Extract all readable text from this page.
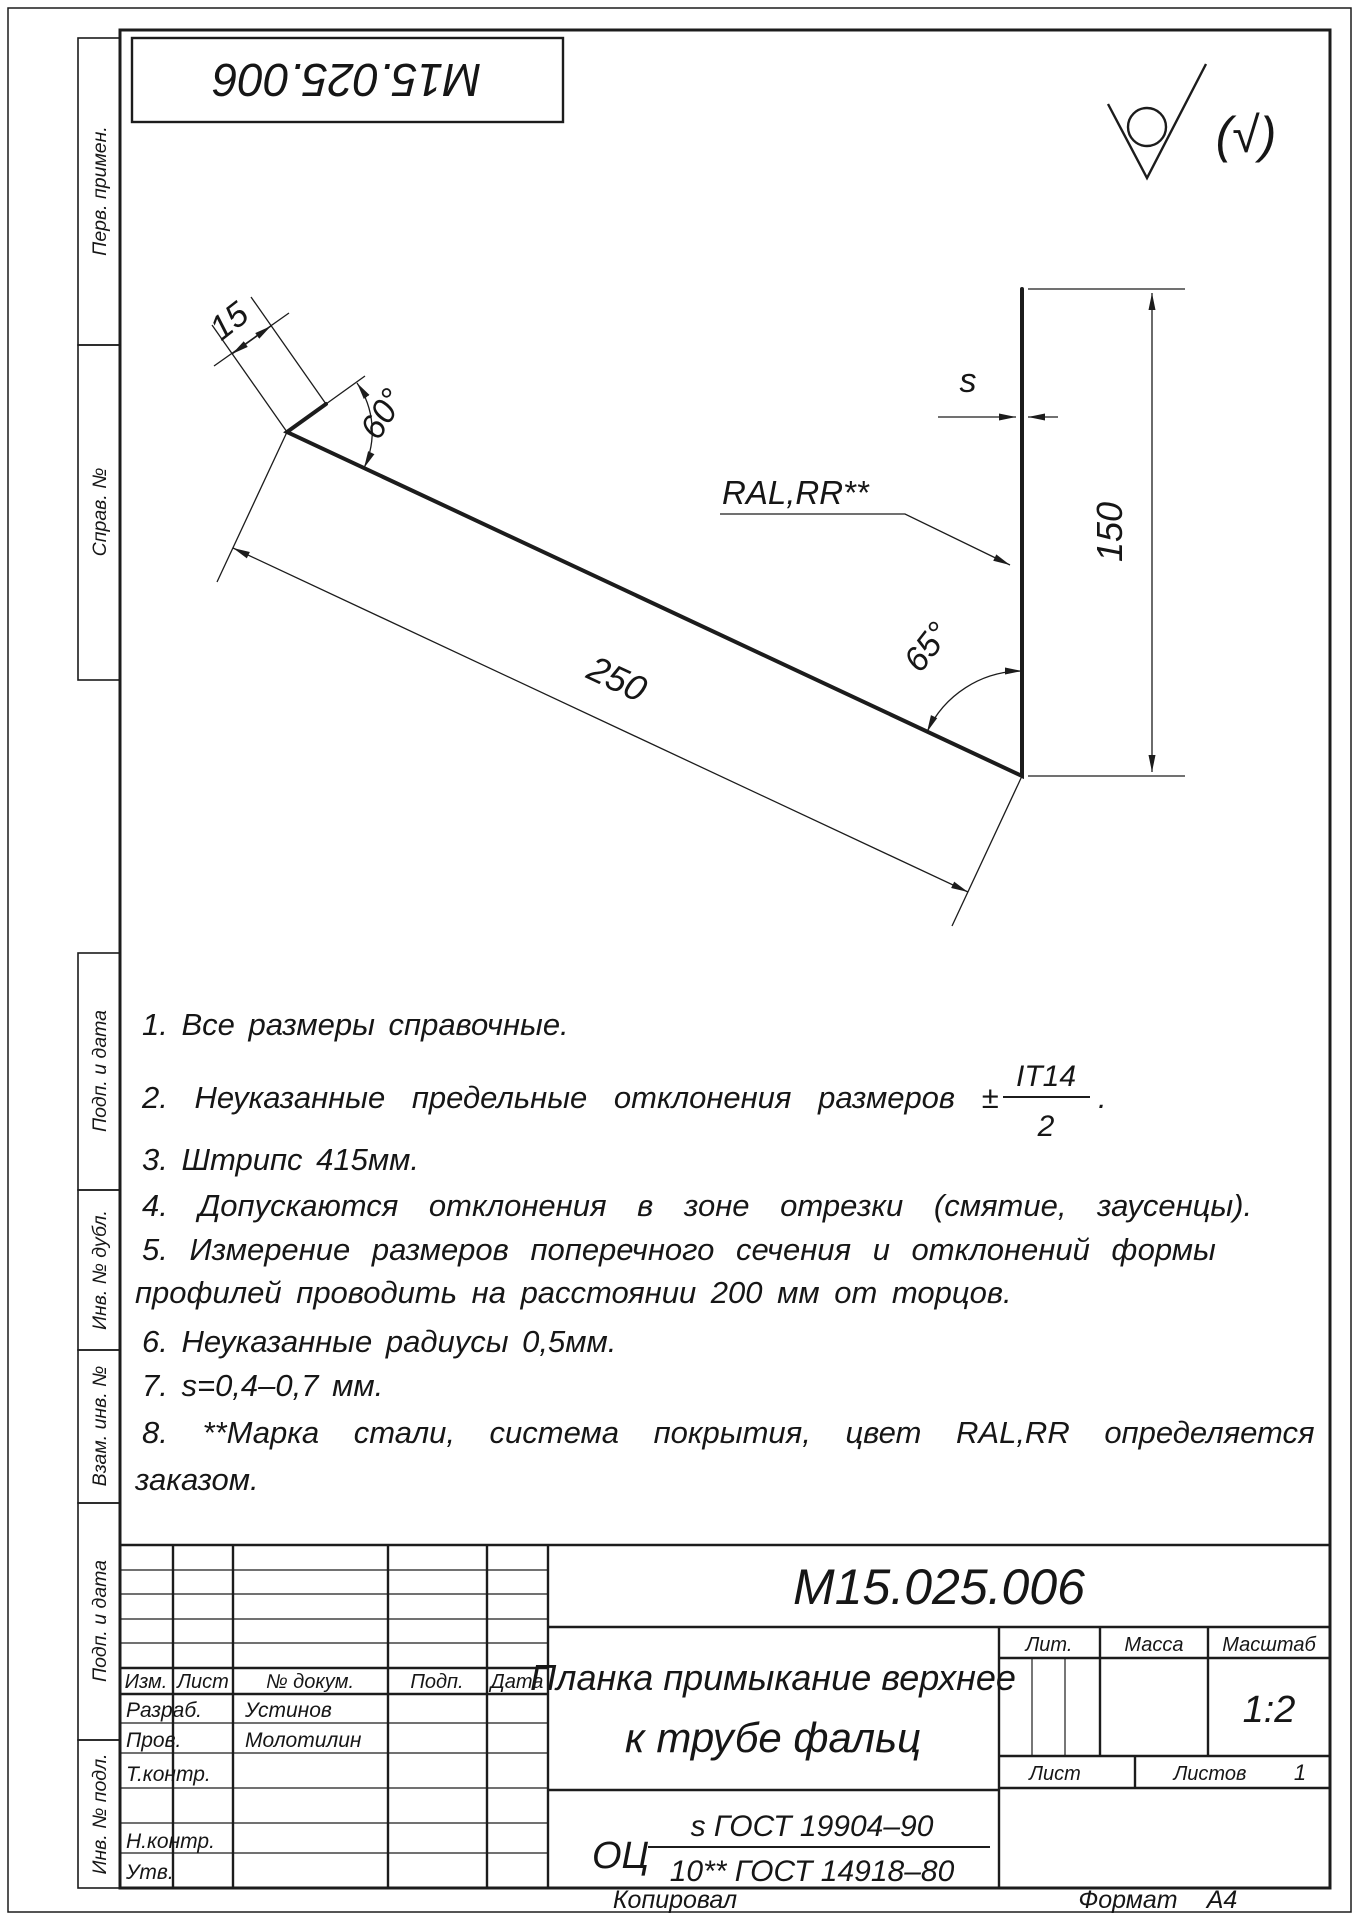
Перв. примен.
Справ. №
Подп. и дата
Инв. № дубл.
Взам. инв. №
Подп. и дата
Инв. № подл.
М15.025.006
(√)
15
60°
250	65°
150
s
RAL,RR**
1. Все размеры справочные.
2. Неуказанные предельные отклонения размеров ±
IT14
2
.
3. Штрипс 415мм.
4. Допускаются отклонения в зоне отрезки (смятие, заусенцы).
5. Измерение размеров поперечного сечения и отклонений формы
профилей проводить на расстоянии 200 мм от торцов.
6. Неуказанные радиусы 0,5мм.
7. s=0,4–0,7 мм.
8. **Марка стали, система покрытия, цвет RAL,RR определяется
заказом.
Изм. Лист № докум.	Подп. Дата
Лит.	Масса Масштаб
Лист	Листов 1
Разраб. Устинов
Пров.	Молотилин
Т.контр.
Н.контр.
Утв.
М15.025.006
Планка примыкание верхнее
к трубе фальц
1:2
ОЦ
s ГОСТ 19904–90
10** ГОСТ 14918–80
Копировал	Формат А4
